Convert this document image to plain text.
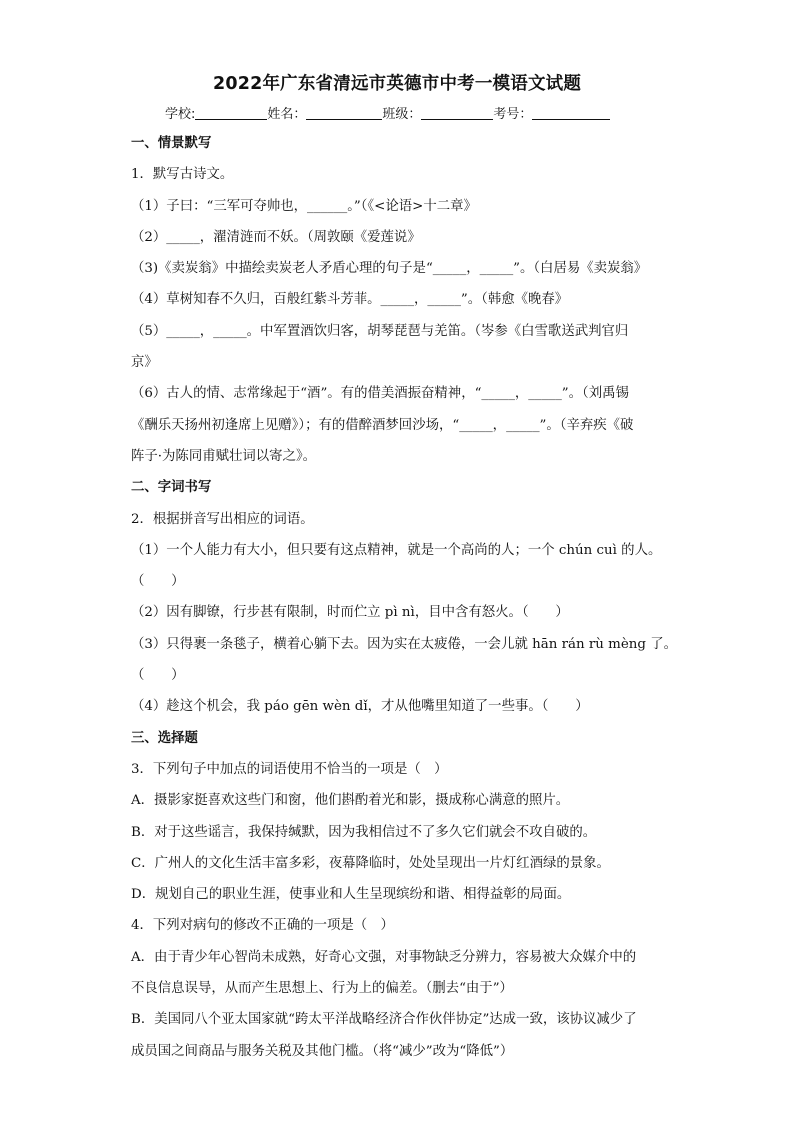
2022年广东省清远市英德市中考一模语文试题
学校:	姓名：	班级：	考号：
一、情景默写
1．默写古诗文。
（1）子曰：“三军可夺帅也，______。”（《<论语>十二章》
（2）_____，濯清涟而不妖。（周敦颐《爱莲说》
（3)《卖炭翁》中描绘卖炭老人矛盾心理的句子是“_____，_____”。（白居易《卖炭翁》
（4）草树知春不久归，百般红紫斗芳菲。_____，_____”。（韩愈《晚春》
（5）_____，_____。中军置酒饮归客，胡琴琵琶与羌笛。（岑参《白雪歌送武判官归
京》
（6）古人的情、志常缘起于“酒”。有的借美酒振奋精神，“_____，_____”。（刘禹锡
《酬乐天扬州初逢席上见赠》）；有的借醉酒梦回沙场，“_____，_____”。（辛弃疾《破
阵子·为陈同甫赋壮词以寄之》。
二、字词书写
2．根据拼音写出相应的词语。
（1）一个人能力有大小，但只要有这点精神，就是一个高尚的人；一个 chún cuì 的人。
（　　）
（2）因有脚镣，行步甚有限制，时而伫立 pì nì，目中含有怒火。（　　）
（3）只得裹一条毯子，横着心躺下去。因为实在太疲倦，一会儿就 hān rán rù mèng 了。
（　　）
（4）趁这个机会，我 páo gēn wèn dǐ，才从他嘴里知道了一些事。（　　）
三、选择题
3．下列句子中加点的词语使用不恰当的一项是（　）
A．摄影家挺喜欢这些门和窗，他们斟酌着光和影，摄成称心满意的照片。
B．对于这些谣言，我保持缄默，因为我相信过不了多久它们就会不攻自破的。
C．广州人的文化生活丰富多彩，夜幕降临时，处处呈现出一片灯红酒绿的景象。
D．规划自己的职业生涯，使事业和人生呈现缤纷和谐、相得益彰的局面。
4．下列对病句的修改不正确的一项是（　）
A．由于青少年心智尚未成熟，好奇心文强，对事物缺乏分辨力，容易被大众媒介中的
不良信息误导，从而产生思想上、行为上的偏差。（删去“由于”）
B．美国同八个亚太国家就“跨太平洋战略经济合作伙伴协定”达成一致，该协议减少了
成员国之间商品与服务关税及其他门槛。（将“减少”改为“降低”）
